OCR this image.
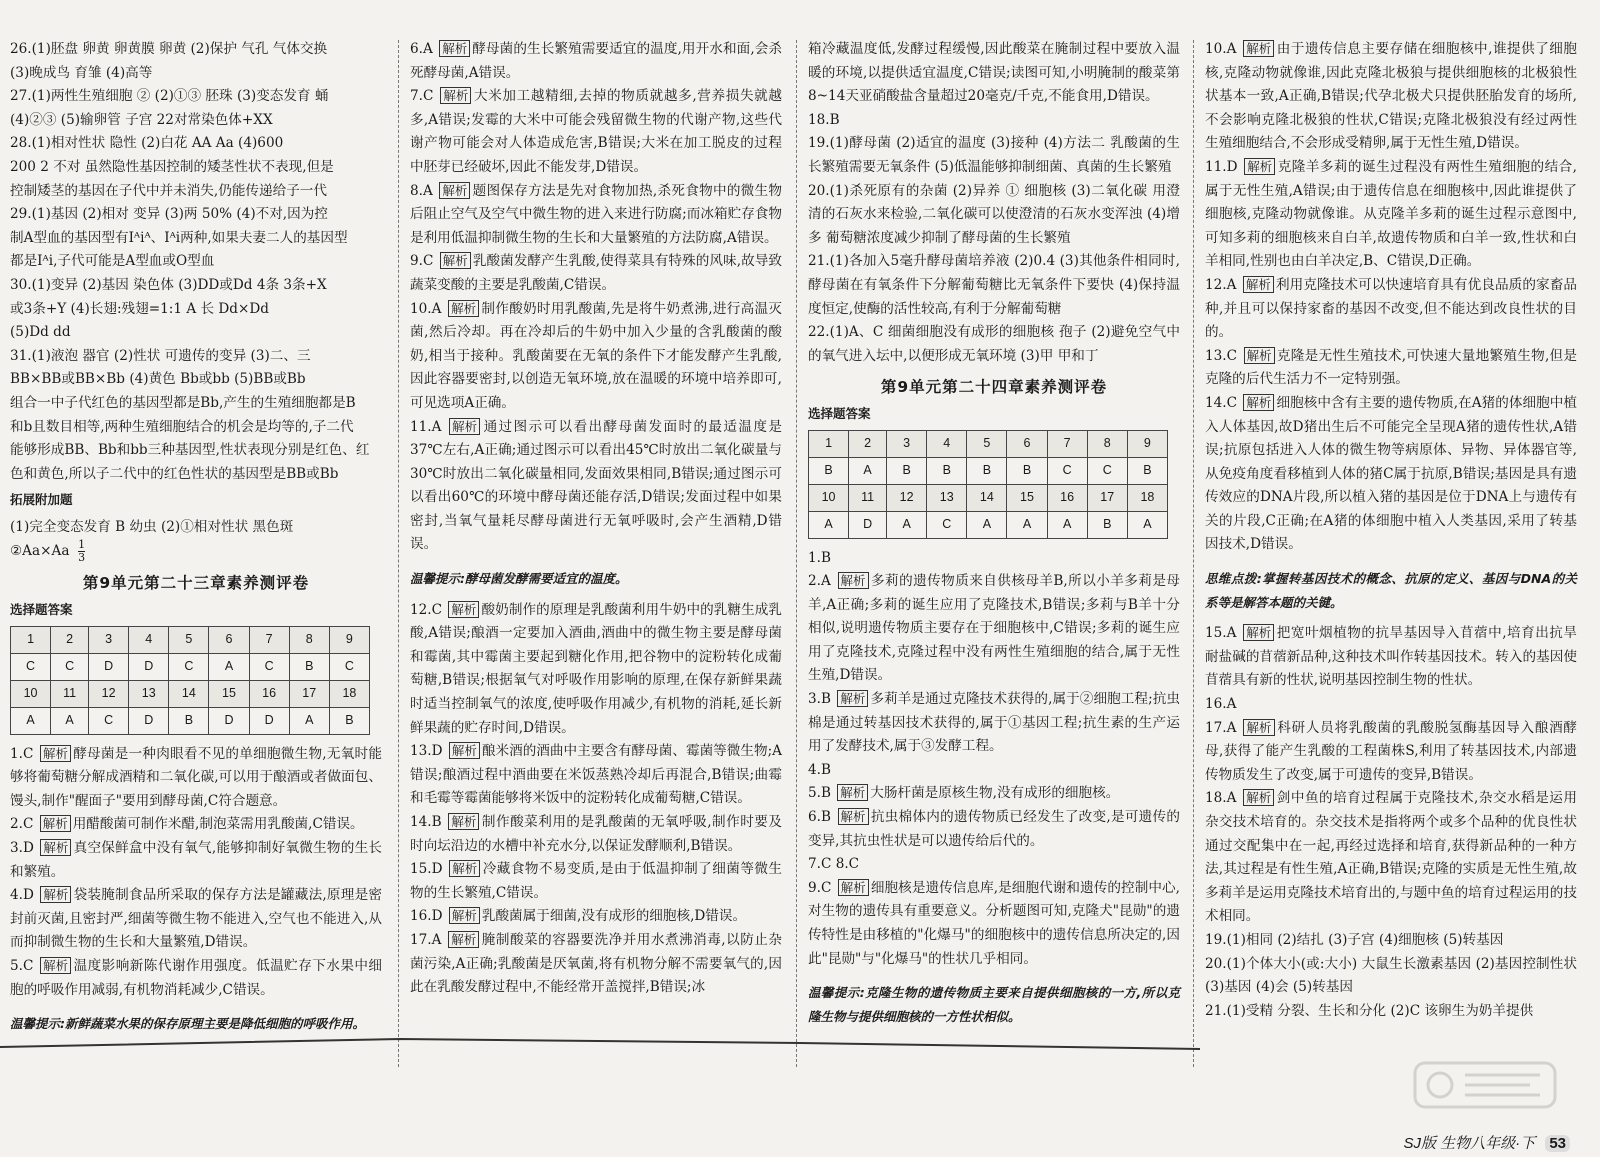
26.(1)胚盘 卵黄 卵黄膜 卵黄 (2)保护 气孔 气体交换

(3)晚成鸟 育雏 (4)高等

27.(1)两性生殖细胞 ② (2)①③ 胚珠 (3)变态发育 蛹

(4)②③ (5)输卵管 子宫 22对常染色体+XX

28.(1)相对性状 隐性 (2)白花 AA Aa (4)600

200 2 不对 虽然隐性基因控制的矮茎性状不表现,但是

控制矮茎的基因在子代中并未消失,仍能传递给子一代

29.(1)基因 (2)相对 变异 (3)两 50% (4)不对,因为控

制A型血的基因型有Iᴬiᴬ、Iᴬi两种,如果夫妻二人的基因型

都是Iᴬi,子代可能是A型血或O型血

30.(1)变异 (2)基因 染色体 (3)DD或Dd 4条 3条+X

或3条+Y (4)长翅:残翅=1:1 A 长 Dd×Dd

(5)Dd dd

31.(1)液泡 器官 (2)性状 可遗传的变异 (3)二、三

BB×BB或BB×Bb (4)黄色 Bb或bb (5)BB或Bb

组合一中子代红色的基因型都是Bb,产生的生殖细胞都是B

和b且数目相等,两种生殖细胞结合的机会是均等的,子二代

能够形成BB、Bb和bb三种基因型,性状表现分别是红色、红

色和黄色,所以子二代中的红色性状的基因型是BB或Bb

拓展附加题

(1)完全变态发育 B 幼虫 (2)①相对性状 黑色斑

②Aa×Aa $\frac{1}{3}$

第9单元第二十三章素养测评卷
选择题答案
1	2	3	4	5	6	7	8	9
C	C	D	D	C	A	C	B	C
10	11	12	13	14	15	16	17	18
A	A	C	D	B	D	D	A	B

1.C 解析 酵母菌是一种肉眼看不见的单细胞微生物,无氧时能够将葡萄糖分解成酒精和二氧化碳,可以用于酿酒或者做面包、馒头,制作"醒面子"要用到酵母菌,C符合题意。

2.C 解析 用醋酸菌可制作米醋,制泡菜需用乳酸菌,C错误。

3.D 解析 真空保鲜盒中没有氧气,能够抑制好氧微生物的生长和繁殖。

4.D 解析 袋装腌制食品所采取的保存方法是罐藏法,原理是密封前灭菌,且密封严,细菌等微生物不能进入,空气也不能进入,从而抑制微生物的生长和大量繁殖,D错误。

5.C 解析 温度影响新陈代谢作用强度。低温贮存下水果中细胞的呼吸作用减弱,有机物消耗减少,C错误。

温馨提示:新鲜蔬菜水果的保存原理主要是降低细胞的呼吸作用。

6.A 解析 酵母菌的生长繁殖需要适宜的温度,用开水和面,会杀死酵母菌,A错误。

7.C 解析 大米加工越精细,去掉的物质就越多,营养损失就越多,A错误;发霉的大米中可能会残留微生物的代谢产物,这些代谢产物可能会对人体造成危害,B错误;大米在加工脱皮的过程中胚芽已经破坏,因此不能发芽,D错误。

8.A 解析 题图保存方法是先对食物加热,杀死食物中的微生物后阻止空气及空气中微生物的进入来进行防腐;而冰箱贮存食物是利用低温抑制微生物的生长和大量繁殖的方法防腐,A错误。

9.C 解析 乳酸菌发酵产生乳酸,使得菜具有特殊的风味,故导致蔬菜变酸的主要是乳酸菌,C错误。

10.A 解析 制作酸奶时用乳酸菌,先是将牛奶煮沸,进行高温灭菌,然后冷却。再在冷却后的牛奶中加入少量的含乳酸菌的酸奶,相当于接种。乳酸菌要在无氧的条件下才能发酵产生乳酸,因此容器要密封,以创造无氧环境,放在温暖的环境中培养即可,可见选项A正确。

11.A 解析 通过图示可以看出酵母菌发面时的最适温度是37℃左右,A正确;通过图示可以看出45℃时放出二氧化碳量与30℃时放出二氧化碳量相同,发面效果相同,B错误;通过图示可以看出60℃的环境中酵母菌还能存活,D错误;发面过程中如果密封,当氧气量耗尽酵母菌进行无氧呼吸时,会产生酒精,D错误。

温馨提示:酵母菌发酵需要适宜的温度。

12.C 解析 酸奶制作的原理是乳酸菌利用牛奶中的乳糖生成乳酸,A错误;酿酒一定要加入酒曲,酒曲中的微生物主要是酵母菌和霉菌,其中霉菌主要起到糖化作用,把谷物中的淀粉转化成葡萄糖,B错误;根据氧气对呼吸作用影响的原理,在保存新鲜果蔬时适当控制氧气的浓度,使呼吸作用减少,有机物的消耗,延长新鲜果蔬的贮存时间,D错误。

13.D 解析 酿米酒的酒曲中主要含有酵母菌、霉菌等微生物;A错误;酿酒过程中酒曲要在米饭蒸熟冷却后再混合,B错误;曲霉和毛霉等霉菌能够将米饭中的淀粉转化成葡萄糖,C错误。

14.B 解析 制作酸菜利用的是乳酸菌的无氧呼吸,制作时要及时向坛沿边的水槽中补充水分,以保证发酵顺利,B错误。

15.D 解析 冷藏食物不易变质,是由于低温抑制了细菌等微生物的生长繁殖,C错误。

16.D 解析 乳酸菌属于细菌,没有成形的细胞核,D错误。

17.A 解析 腌制酸菜的容器要洗净并用水煮沸消毒,以防止杂菌污染,A正确;乳酸菌是厌氧菌,将有机物分解不需要氧气的,因此在乳酸发酵过程中,不能经常开盖搅拌,B错误;冰

箱冷藏温度低,发酵过程缓慢,因此酸菜在腌制过程中要放入温暖的环境,以提供适宜温度,C错误;读图可知,小明腌制的酸菜第8~14天亚硝酸盐含量超过20毫克/千克,不能食用,D错误。

18.B

19.(1)酵母菌 (2)适宜的温度 (3)接种 (4)方法二 乳酸菌的生长繁殖需要无氧条件 (5)低温能够抑制细菌、真菌的生长繁殖

20.(1)杀死原有的杂菌 (2)异养 ① 细胞核 (3)二氧化碳 用澄清的石灰水来检验,二氧化碳可以使澄清的石灰水变浑浊 (4)增多 葡萄糖浓度减少抑制了酵母菌的生长繁殖

21.(1)各加入5毫升酵母菌培养液 (2)0.4 (3)其他条件相同时,酵母菌在有氧条件下分解葡萄糖比无氧条件下要快 (4)保持温度恒定,使酶的活性较高,有利于分解葡萄糖

22.(1)A、C 细菌细胞没有成形的细胞核 孢子 (2)避免空气中的氧气进入坛中,以便形成无氧环境 (3)甲 甲和丁

第9单元第二十四章素养测评卷
选择题答案
1	2	3	4	5	6	7	8	9
B	A	B	B	B	B	C	C	B
10	11	12	13	14	15	16	17	18
A	D	A	C	A	A	A	B	A

1.B

2.A 解析 多莉的遗传物质来自供核母羊B,所以小羊多莉是母羊,A正确;多莉的诞生应用了克隆技术,B错误;多莉与B羊十分相似,说明遗传物质主要存在于细胞核中,C错误;多莉的诞生应用了克隆技术,克隆过程中没有两性生殖细胞的结合,属于无性生殖,D错误。

3.B 解析 多莉羊是通过克隆技术获得的,属于②细胞工程;抗虫棉是通过转基因技术获得的,属于①基因工程;抗生素的生产运用了发酵技术,属于③发酵工程。

4.B

5.B 解析 大肠杆菌是原核生物,没有成形的细胞核。

6.B 解析 抗虫棉体内的遗传物质已经发生了改变,是可遗传的变异,其抗虫性状是可以遗传给后代的。

7.C 8.C

9.C 解析 细胞核是遗传信息库,是细胞代谢和遗传的控制中心,对生物的遗传具有重要意义。分析题图可知,克隆犬"昆勋"的遗传特性是由移植的"化爆马"的细胞核中的遗传信息所决定的,因此"昆勋"与"化爆马"的性状几乎相同。

温馨提示:克隆生物的遗传物质主要来自提供细胞核的一方,所以克隆生物与提供细胞核的一方性状相似。

10.A 解析 由于遗传信息主要存储在细胞核中,谁提供了细胞核,克隆动物就像谁,因此克隆北极狼与提供细胞核的北极狼性状基本一致,A正确,B错误;代孕北极犬只提供胚胎发育的场所,不会影响克隆北极狼的性状,C错误;克隆北极狼没有经过两性生殖细胞结合,不会形成受精卵,属于无性生殖,D错误。

11.D 解析 克隆羊多莉的诞生过程没有两性生殖细胞的结合,属于无性生殖,A错误;由于遗传信息在细胞核中,因此谁提供了细胞核,克隆动物就像谁。从克隆羊多莉的诞生过程示意图中,可知多莉的细胞核来自白羊,故遗传物质和白羊一致,性状和白羊相同,性别也由白羊决定,B、C错误,D正确。

12.A 解析 利用克隆技术可以快速培育具有优良品质的家畜品种,并且可以保持家畜的基因不改变,但不能达到改良性状的目的。

13.C 解析 克隆是无性生殖技术,可快速大量地繁殖生物,但是克隆的后代生活力不一定特别强。

14.C 解析 细胞核中含有主要的遗传物质,在A猪的体细胞中植入人体基因,故D猪出生后不可能完全呈现A猪的遗传性状,A错误;抗原包括进入人体的微生物等病原体、异物、异体器官等,从免疫角度看移植到人体的猪C属于抗原,B错误;基因是具有遗传效应的DNA片段,所以植入猪的基因是位于DNA上与遗传有关的片段,C正确;在A猪的体细胞中植入人类基因,采用了转基因技术,D错误。

思维点拨:掌握转基因技术的概念、抗原的定义、基因与DNA的关系等是解答本题的关键。

15.A 解析 把宽叶烟植物的抗旱基因导入苜蓿中,培育出抗旱耐盐碱的苜蓿新品种,这种技术叫作转基因技术。转入的基因使苜蓿具有新的性状,说明基因控制生物的性状。

16.A

17.A 解析 科研人员将乳酸菌的乳酸脱氢酶基因导入酿酒酵母,获得了能产生乳酸的工程菌株S,利用了转基因技术,内部遗传物质发生了改变,属于可遗传的变异,B错误。

18.A 解析 剑中鱼的培育过程属于克隆技术,杂交水稻是运用杂交技术培育的。杂交技术是指将两个或多个品种的优良性状通过交配集中在一起,再经过选择和培育,获得新品种的一种方法,其过程是有性生殖,A正确,B错误;克隆的实质是无性生殖,故多莉羊是运用克隆技术培育出的,与题中鱼的培育过程运用的技术相同。

19.(1)相同 (2)结扎 (3)子宫 (4)细胞核 (5)转基因

20.(1)个体大小(或:大小) 大鼠生长激素基因 (2)基因控制性状 (3)基因 (4)会 (5)转基因

21.(1)受精 分裂、生长和分化 (2)C 该卵生为奶羊提供

SJ版 生物八年级·下 53
